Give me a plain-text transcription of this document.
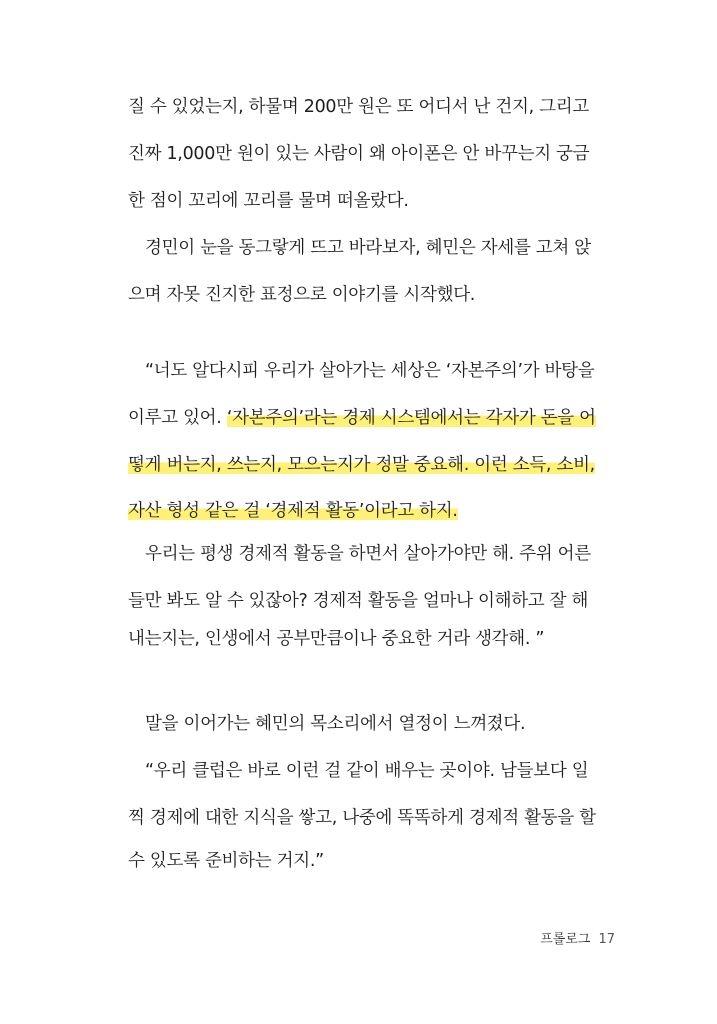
질 수 있었는지, 하물며 200만 원은 또 어디서 난 건지, 그리고
진짜 1,000만 원이 있는 사람이 왜 아이폰은 안 바꾸는지 궁금
한 점이 꼬리에 꼬리를 물며 떠올랐다.
경민이 눈을 동그랗게 뜨고 바라보자, 혜민은 자세를 고쳐 앉
으며 자못 진지한 표정으로 이야기를 시작했다.
“너도 알다시피 우리가 살아가는 세상은 ‘자본주의’가 바탕을
이루고 있어. ‘자본주의’라는 경제 시스템에서는 각자가 돈을 어
떻게 버는지, 쓰는지, 모으는지가 정말 중요해. 이런 소득, 소비,
자산 형성 같은 걸 ‘경제적 활동’이라고 하지.
우리는 평생 경제적 활동을 하면서 살아가야만 해. 주위 어른
들만 봐도 알 수 있잖아? 경제적 활동을 얼마나 이해하고 잘 해
내는지는, 인생에서 공부만큼이나 중요한 거라 생각해. ”
말을 이어가는 혜민의 목소리에서 열정이 느껴졌다.
“우리 클럽은 바로 이런 걸 같이 배우는 곳이야. 남들보다 일
찍 경제에 대한 지식을 쌓고, 나중에 똑똑하게 경제적 활동을 할
수 있도록 준비하는 거지.”
프롤로그 17
